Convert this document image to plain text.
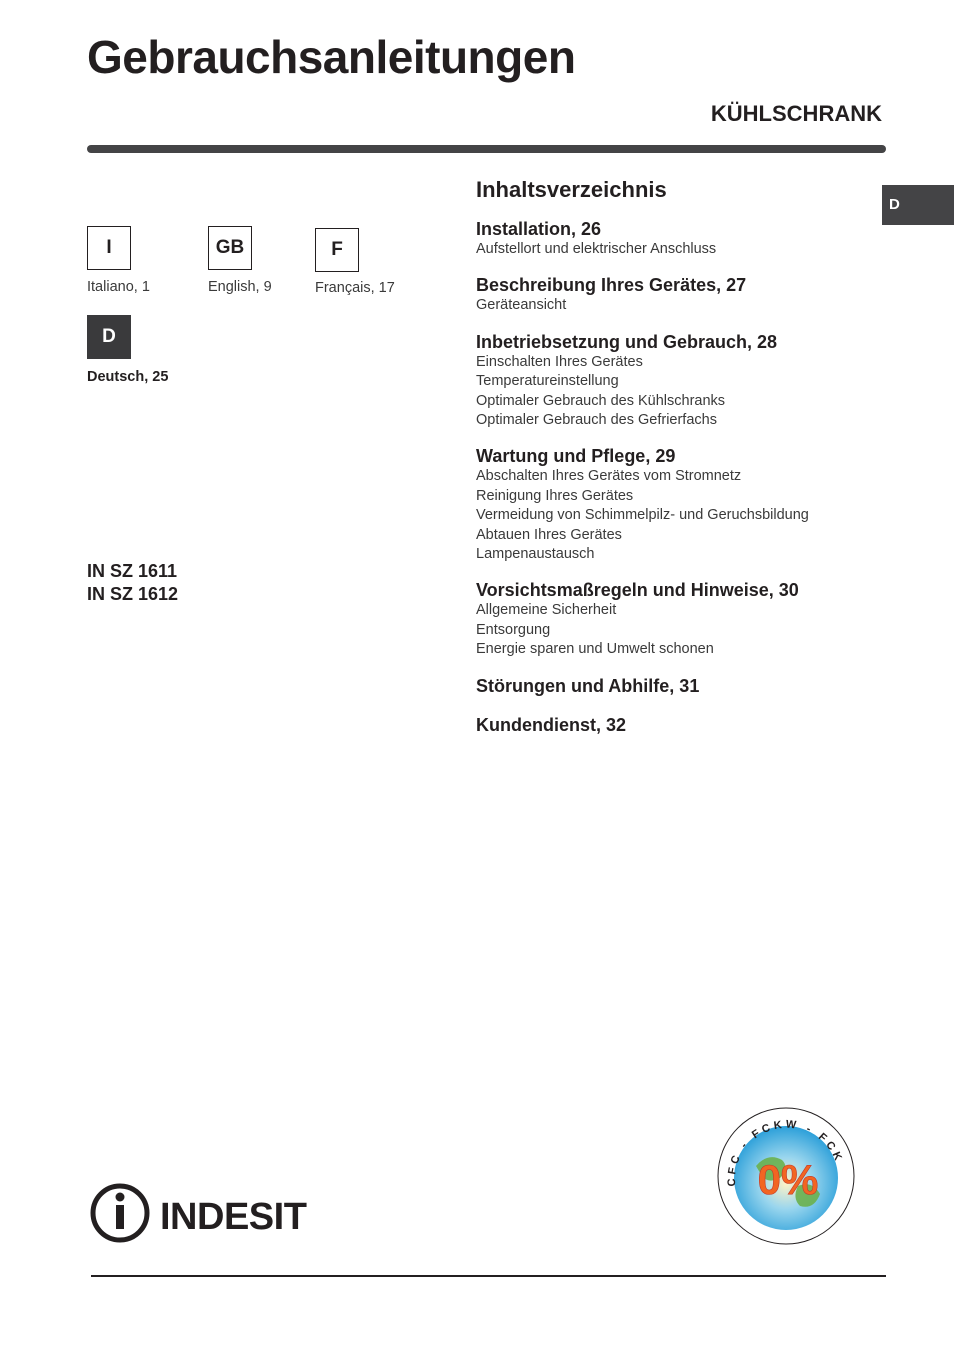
Gebrauchsanleitungen
KÜHLSCHRANK
D
I
Italiano, 1
GB
English, 9
F
Français, 17
D
Deutsch, 25
IN SZ 1611
IN SZ 1612
Inhaltsverzeichnis
Installation, 26
Aufstellort und elektrischer Anschluss
Beschreibung Ihres Gerätes, 27
Geräteansicht
Inbetriebsetzung und Gebrauch, 28
Einschalten Ihres Gerätes
Temperatureinstellung
Optimaler Gebrauch des Kühlschranks
Optimaler Gebrauch des Gefrierfachs
Wartung und Pflege, 29
Abschalten Ihres Gerätes vom Stromnetz
Reinigung Ihres Gerätes
Vermeidung von Schimmelpilz- und Geruchsbildung
Abtauen Ihres Gerätes
Lampenaustausch
Vorsichtsmaßregeln und Hinweise, 30
Allgemeine Sicherheit
Entsorgung
Energie sparen und Umwelt schonen
Störungen und Abhilfe, 31
Kundendienst, 32
INDESIT
CFC - FCKW - FCK
0%
